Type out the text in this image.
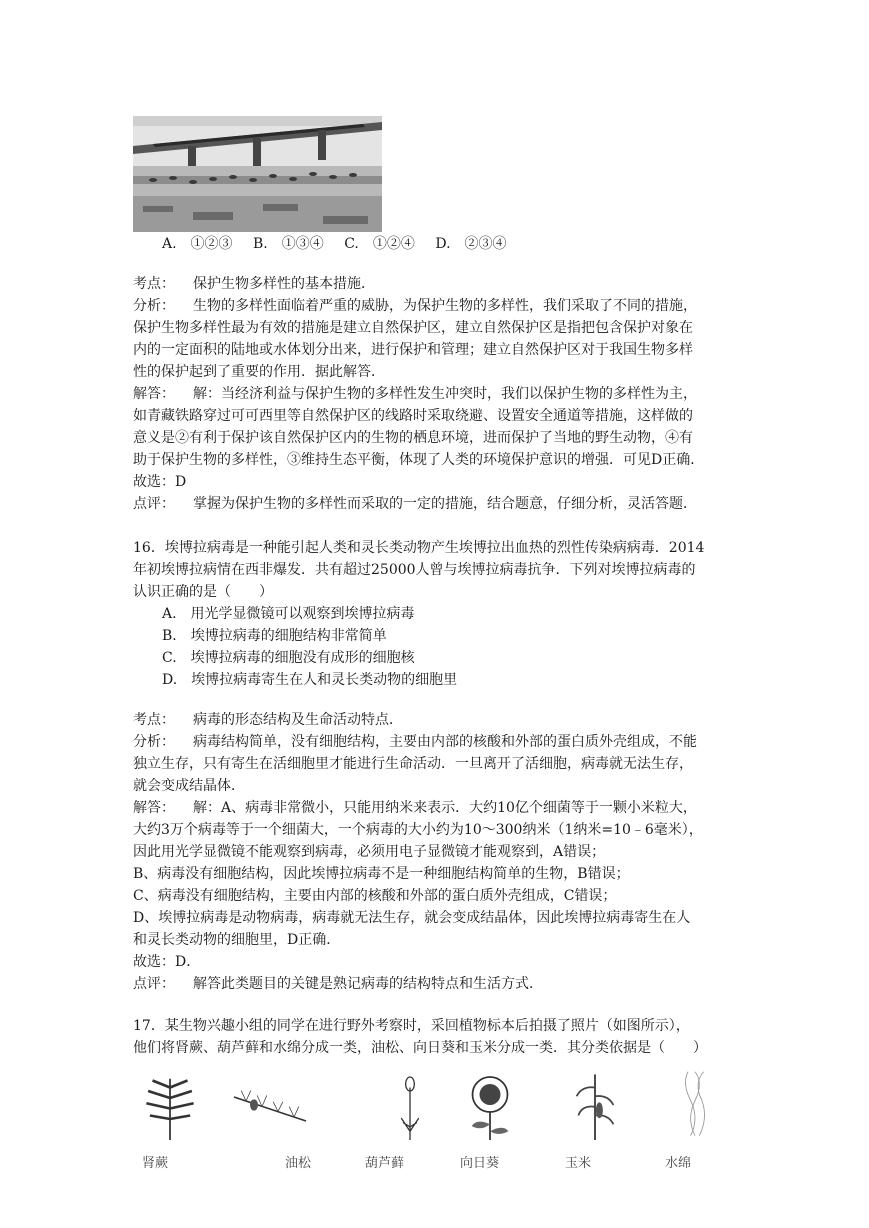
A.　①②③ B.　①③④ C.　①②④ D.　②③④
考点： 保护生物多样性的基本措施．
分析： 生物的多样性面临着严重的威胁，为保护生物的多样性，我们采取了不同的措施，
保护生物多样性最为有效的措施是建立自然保护区，建立自然保护区是指把包含保护对象在
内的一定面积的陆地或水体划分出来，进行保护和管理；建立自然保护区对于我国生物多样
性的保护起到了重要的作用．据此解答．
解答： 解：当经济利益与保护生物的多样性发生冲突时，我们以保护生物的多样性为主，
如青藏铁路穿过可可西里等自然保护区的线路时采取绕避、设置安全通道等措施，这样做的
意义是②有利于保护该自然保护区内的生物的栖息环境，进而保护了当地的野生动物，④有
助于保护生物的多样性，③维持生态平衡，体现了人类的环境保护意识的增强．可见D正确．
故选：D
点评： 掌握为保护生物的多样性而采取的一定的措施，结合题意，仔细分析，灵活答题．
16．埃博拉病毒是一种能引起人类和灵长类动物产生埃博拉出血热的烈性传染病病毒．2014
年初埃博拉病情在西非爆发．共有超过25000人曾与埃博拉病毒抗争．下列对埃博拉病毒的
认识正确的是（　　）
A.　用光学显微镜可以观察到埃博拉病毒
B.　埃博拉病毒的细胞结构非常简单
C.　埃博拉病毒的细胞没有成形的细胞核
D.　埃博拉病毒寄生在人和灵长类动物的细胞里
考点： 病毒的形态结构及生命活动特点．
分析： 病毒结构简单，没有细胞结构，主要由内部的核酸和外部的蛋白质外壳组成，不能
独立生存，只有寄生在活细胞里才能进行生命活动．一旦离开了活细胞，病毒就无法生存，
就会变成结晶体．
解答： 解：A、病毒非常微小，只能用纳米来表示．大约10亿个细菌等于一颗小米粒大，
大约3万个病毒等于一个细菌大，一个病毒的大小约为10～300纳米（1纳米=10﹣6毫米），
因此用光学显微镜不能观察到病毒，必须用电子显微镜才能观察到，A错误；
B、病毒没有细胞结构，因此埃博拉病毒不是一种细胞结构简单的生物，B错误；
C、病毒没有细胞结构，主要由内部的核酸和外部的蛋白质外壳组成，C错误；
D、埃博拉病毒是动物病毒，病毒就无法生存，就会变成结晶体，因此埃博拉病毒寄生在人
和灵长类动物的细胞里，D正确．
故选：D．
点评： 解答此类题目的关键是熟记病毒的结构特点和生活方式．
17．某生物兴趣小组的同学在进行野外考察时，采回植物标本后拍摄了照片（如图所示），
他们将肾蕨、葫芦藓和水绵分成一类，油松、向日葵和玉米分成一类．其分类依据是（　　）
肾蕨	油松	葫芦藓	向日葵	玉米	水绵
